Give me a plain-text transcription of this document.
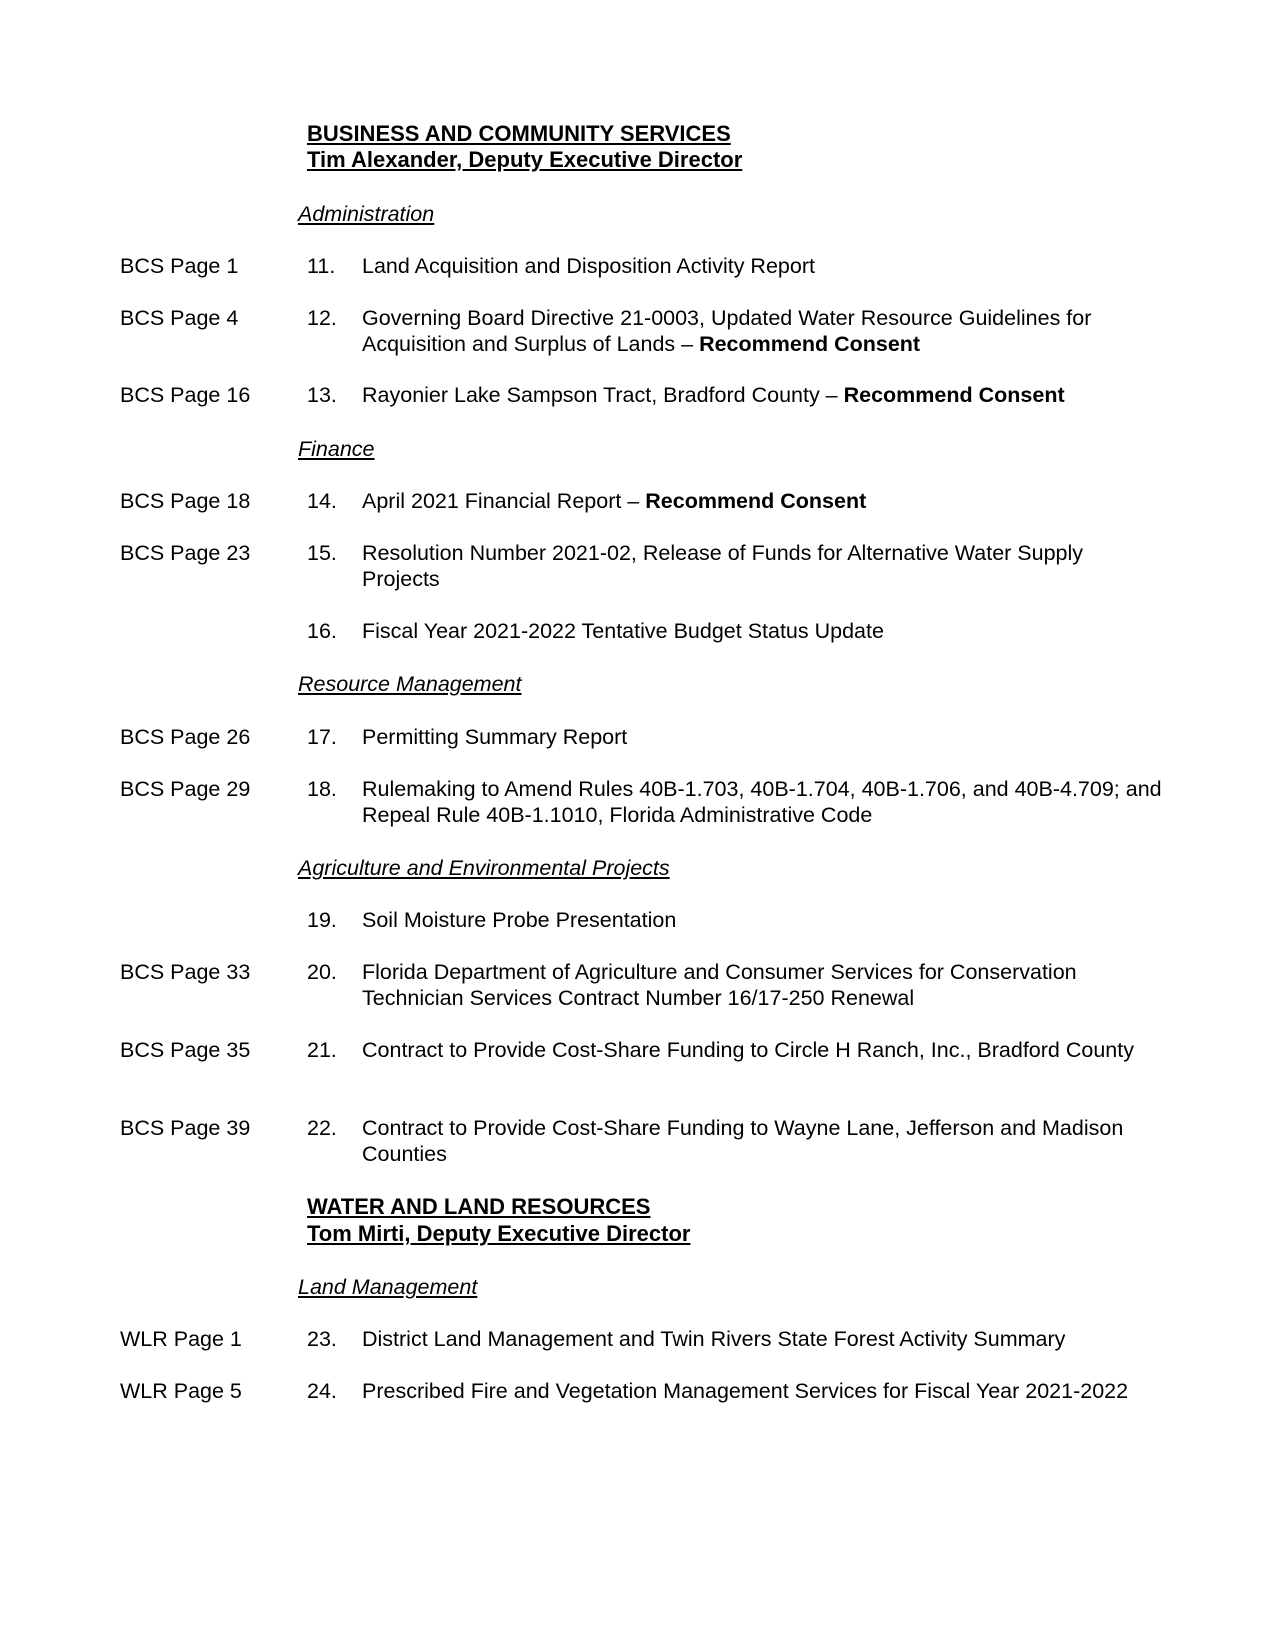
BUSINESS AND COMMUNITY SERVICES
Tim Alexander, Deputy Executive Director
Administration
BCS Page 1	11. Land Acquisition and Disposition Activity Report
BCS Page 4	12. Governing Board Directive 21-0003, Updated Water Resource Guidelines for Acquisition and Surplus of Lands – Recommend Consent
BCS Page 16	13. Rayonier Lake Sampson Tract, Bradford County – Recommend Consent
Finance
BCS Page 18	14. April 2021 Financial Report – Recommend Consent
BCS Page 23	15. Resolution Number 2021-02, Release of Funds for Alternative Water Supply Projects
16. Fiscal Year 2021-2022 Tentative Budget Status Update
Resource Management
BCS Page 26	17. Permitting Summary Report
BCS Page 29	18. Rulemaking to Amend Rules 40B-1.703, 40B-1.704, 40B-1.706, and 40B-4.709; and Repeal Rule 40B-1.1010, Florida Administrative Code
Agriculture and Environmental Projects
19. Soil Moisture Probe Presentation
BCS Page 33	20. Florida Department of Agriculture and Consumer Services for Conservation Technician Services Contract Number 16/17-250 Renewal
BCS Page 35	21. Contract to Provide Cost-Share Funding to Circle H Ranch, Inc., Bradford County
BCS Page 39	22. Contract to Provide Cost-Share Funding to Wayne Lane, Jefferson and Madison Counties
WATER AND LAND RESOURCES
Tom Mirti, Deputy Executive Director
Land Management
WLR Page 1	23. District Land Management and Twin Rivers State Forest Activity Summary
WLR Page 5	24. Prescribed Fire and Vegetation Management Services for Fiscal Year 2021-2022
